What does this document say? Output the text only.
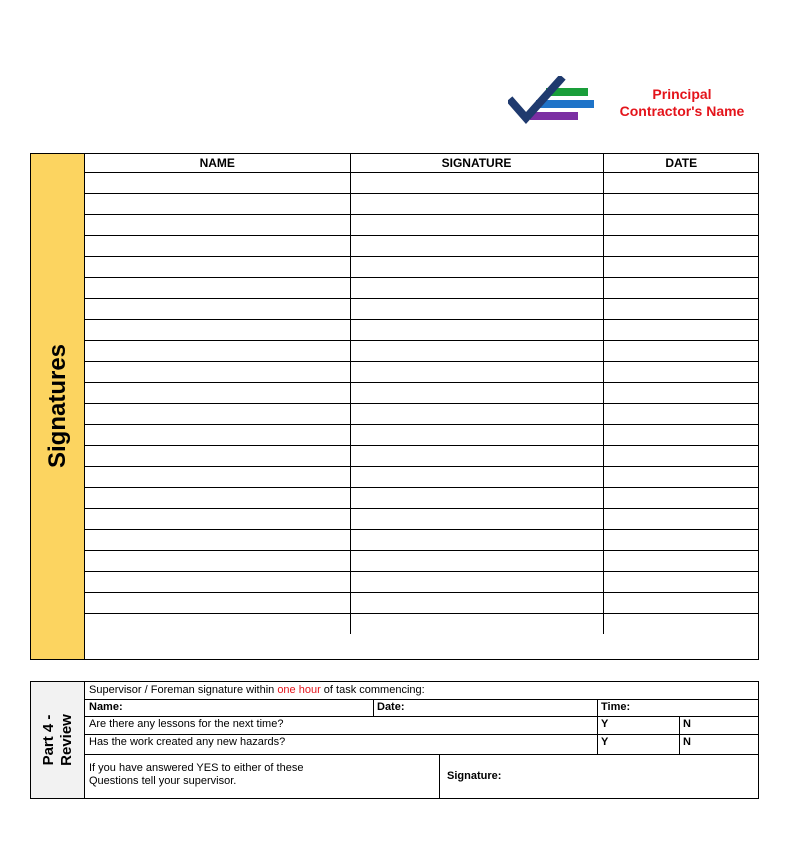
Principal
Contractor's Name
Signatures
NAME	SIGNATURE	DATE

Part 4 - Review
Supervisor / Foreman signature within one hour of task commencing:
Name:	Date:	Time:
Are there any lessons for the next time?	Y	N
Has the work created any new hazards?	Y	N
If you have answered YES to either of these
Questions tell your supervisor.	Signature:
